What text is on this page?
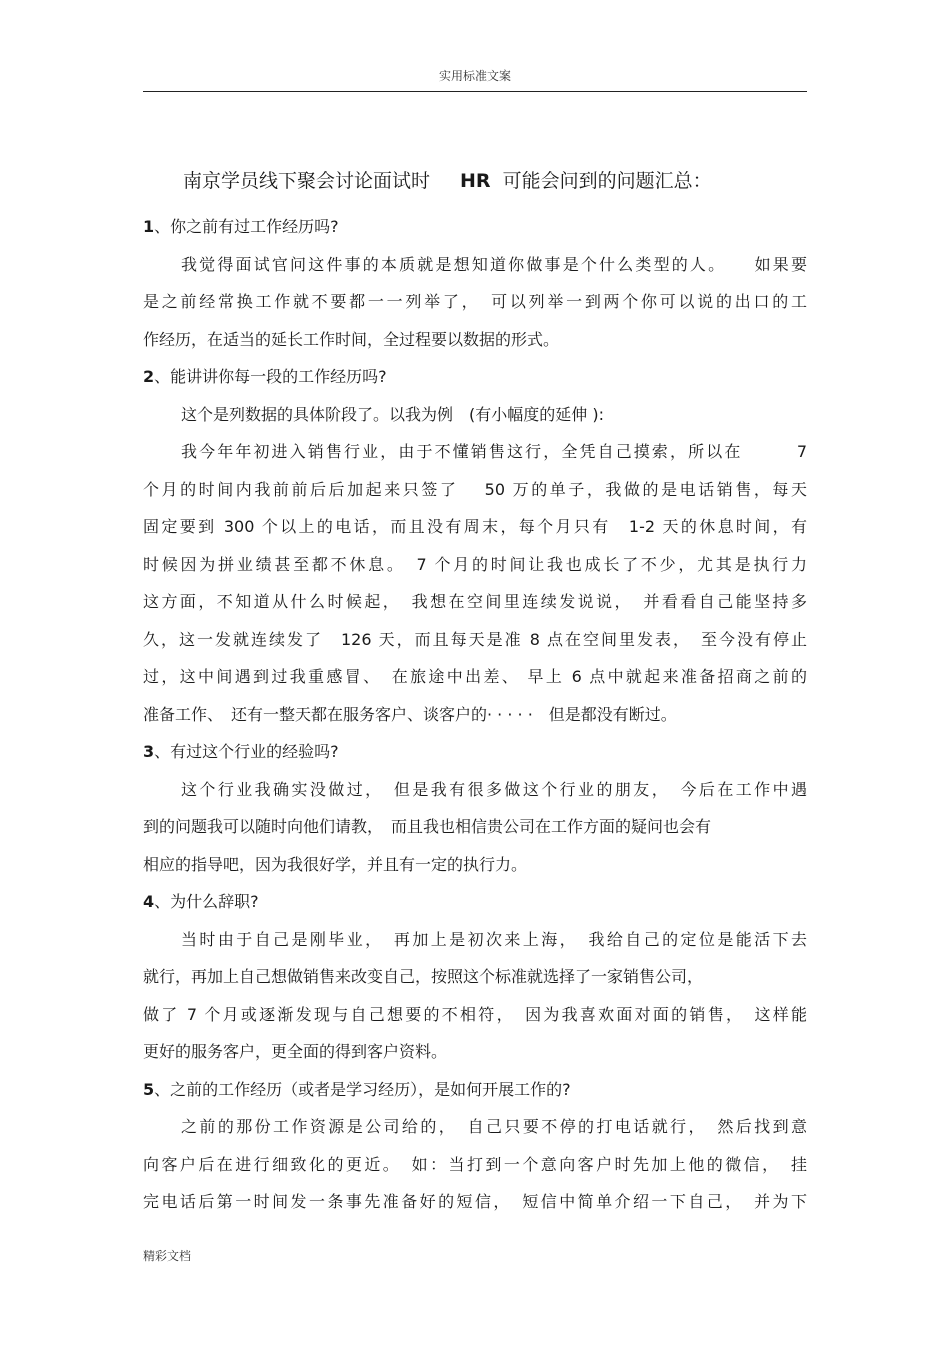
实用标准文案
南京学员线下聚会讨论面试时 HR 可能会问到的问题汇总：

1、你之前有过工作经历吗?

我觉得面试官问这件事的本质就是想知道你做事是个什么类型的人。　　如果要
是之前经常换工作就不要都一一列举了，　可以列举一到两个你可以说的出口的工
作经历，在适当的延长工作时间，全过程要以数据的形式。

2、能讲讲你每一段的工作经历吗?

这个是列数据的具体阶段了。以我为例　(有小幅度的延伸 ):
我今年年初进入销售行业，由于不懂销售这行，全凭自己摸索，所以在　　　7
个月的时间内我前前后后加起来只签了　 50 万的单子，我做的是电话销售，每天
固定要到 300 个以上的电话，而且没有周末，每个月只有　1-2 天的休息时间，有
时候因为拼业绩甚至都不休息。　7 个月的时间让我也成长了不少，尤其是执行力
这方面，不知道从什么时候起，　我想在空间里连续发说说，　并看看自己能坚持多
久，这一发就连续发了　126 天，而且每天是准 8 点在空间里发表，　至今没有停止
过，这中间遇到过我重感冒、　在旅途中出差、 早上 6 点中就起来准备招商之前的
准备工作、　还有一整天都在服务客户、谈客户的· · · · ·　但是都没有断过。

3、有过这个行业的经验吗?

这个行业我确实没做过，　但是我有很多做这个行业的朋友，　今后在工作中遇
到的问题我可以随时向他们请教，　而且我也相信贵公司在工作方面的疑问也会有
相应的指导吧，因为我很好学，并且有一定的执行力。

4、为什么辞职?

当时由于自己是刚毕业，　再加上是初次来上海，　我给自己的定位是能活下去
就行，再加上自己想做销售来改变自己，按照这个标准就选择了一家销售公司，
做了 7 个月或逐渐发现与自己想要的不相符，　因为我喜欢面对面的销售，　这样能
更好的服务客户，更全面的得到客户资料。

5、之前的工作经历（或者是学习经历），是如何开展工作的?

之前的那份工作资源是公司给的，　自己只要不停的打电话就行，　然后找到意
向客户后在进行细致化的更近。　如：当打到一个意向客户时先加上他的微信，　挂
完电话后第一时间发一条事先准备好的短信，　短信中简单介绍一下自己，　并为下

精彩文档
